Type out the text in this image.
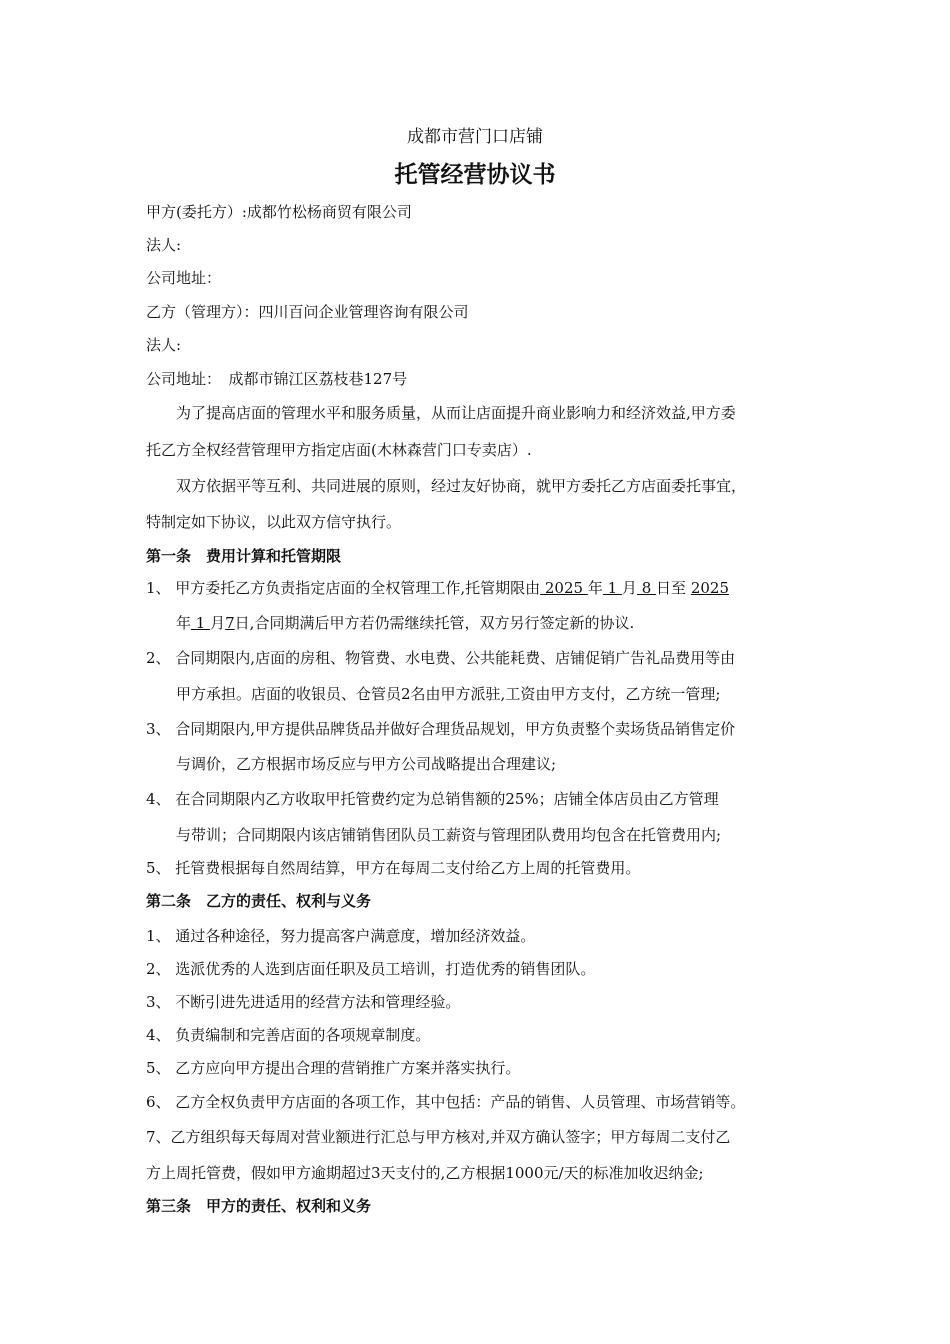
成都市营门口店铺
托管经营协议书
甲方(委托方）:成都竹松杨商贸有限公司
法人:
公司地址：
乙方（管理方）：四川百问企业管理咨询有限公司
法人:
公司地址：　成都市锦江区荔枝巷127号
为了提高店面的管理水平和服务质量，从而让店面提升商业影响力和经济效益,甲方委
托乙方全权经营管理甲方指定店面(木林森营门口专卖店）.
双方依据平等互利、共同进展的原则，经过友好协商，就甲方委托乙方店面委托事宜，
特制定如下协议，以此双方信守执行。
第一条　费用计算和托管期限
1、 甲方委托乙方负责指定店面的全权管理工作,托管期限由 2025 年 1 月 8 日至 2025
年 1 月7日,合同期满后甲方若仍需继续托管，双方另行签定新的协议.
2、 合同期限内,店面的房租、物管费、水电费、公共能耗费、店铺促销广告礼品费用等由
甲方承担。店面的收银员、仓管员2名由甲方派驻,工资由甲方支付，乙方统一管理;
3、 合同期限内,甲方提供品牌货品并做好合理货品规划，甲方负责整个卖场货品销售定价
与调价，乙方根据市场反应与甲方公司战略提出合理建议;
4、 在合同期限内乙方收取甲托管费约定为总销售额的25%；店铺全体店员由乙方管理
与带训；合同期限内该店铺销售团队员工薪资与管理团队费用均包含在托管费用内;
5、 托管费根据每自然周结算，甲方在每周二支付给乙方上周的托管费用。
第二条　乙方的责任、权利与义务
1、 通过各种途径，努力提高客户满意度，增加经济效益。
2、 选派优秀的人选到店面任职及员工培训，打造优秀的销售团队。
3、 不断引进先进适用的经营方法和管理经验。
4、 负责编制和完善店面的各项规章制度。
5、 乙方应向甲方提出合理的营销推广方案并落实执行。
6、 乙方全权负责甲方店面的各项工作，其中包括：产品的销售、人员管理、市场营销等。
7、乙方组织每天每周对营业额进行汇总与甲方核对,并双方确认签字；甲方每周二支付乙
方上周托管费，假如甲方逾期超过3天支付的,乙方根据1000元/天的标准加收迟纳金;
第三条　甲方的责任、权利和义务
